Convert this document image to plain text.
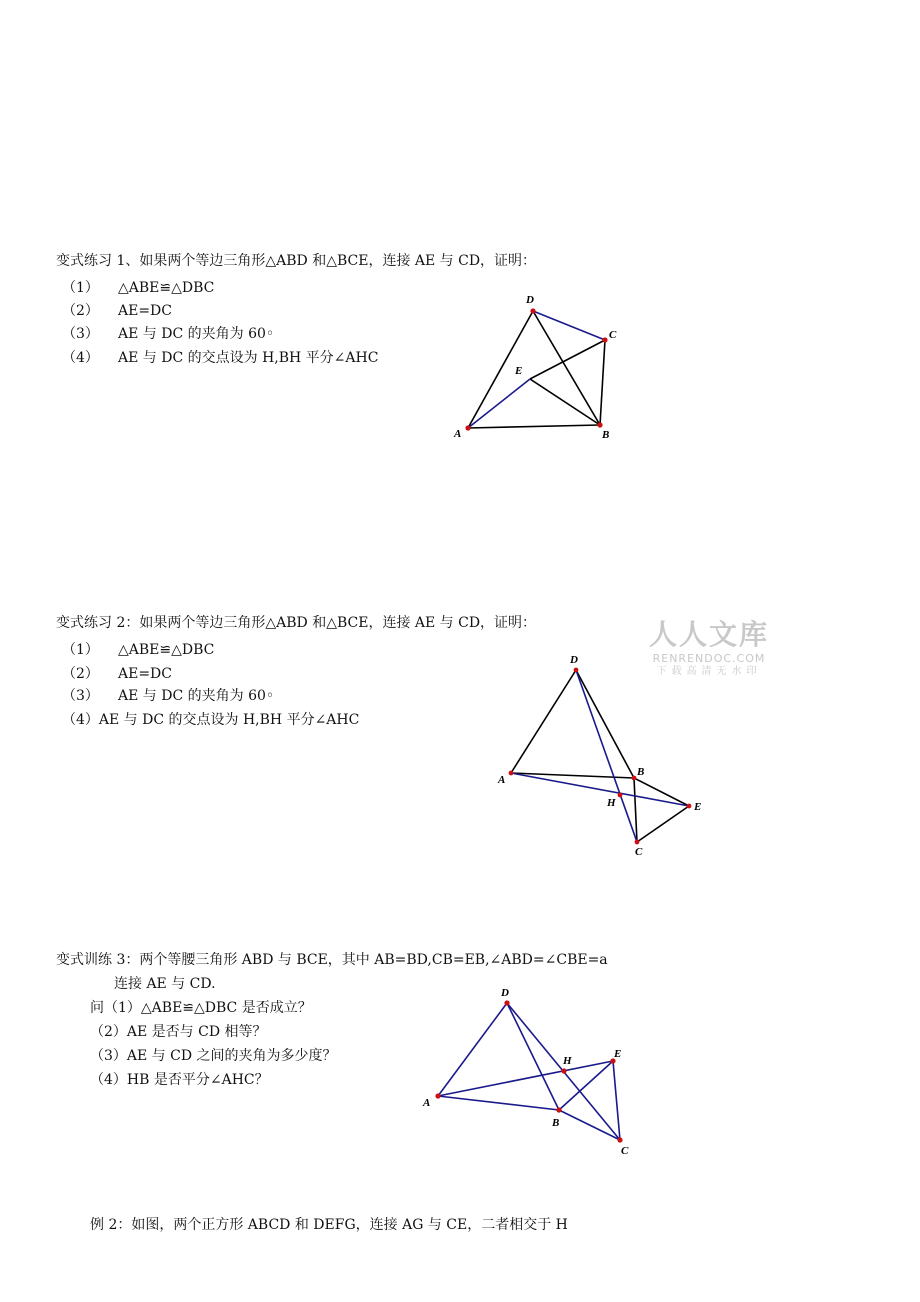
变式练习 1、如果两个等边三角形△ABD 和△BCE，连接 AE 与 CD，证明：
（1） △ABE≌△DBC
（2） AE=DC
（3） AE 与 DC 的夹角为 60◦
（4） AE 与 DC 的交点设为 H,BH 平分∠AHC
A
D
C
B
E
变式练习 2：如果两个等边三角形△ABD 和△BCE，连接 AE 与 CD，证明：
（1） △ABE≌△DBC
（2） AE=DC
（3） AE 与 DC 的夹角为 60◦
（4）AE 与 DC 的交点设为 H,BH 平分∠AHC
人人文库
RENRENDOC.COM
下载高清无水印
A
D
B
E
C
H
变式训练 3：两个等腰三角形 ABD 与 BCE，其中 AB=BD,CB=EB,∠ABD=∠CBE=a
连接 AE 与 CD.
问（1）△ABE≌△DBC 是否成立？
（2）AE 是否与 CD 相等？
（3）AE 与 CD 之间的夹角为多少度？
（4）HB 是否平分∠AHC？
A
D
B
E
C
H
例 2：如图，两个正方形 ABCD 和 DEFG，连接 AG 与 CE，二者相交于 H
